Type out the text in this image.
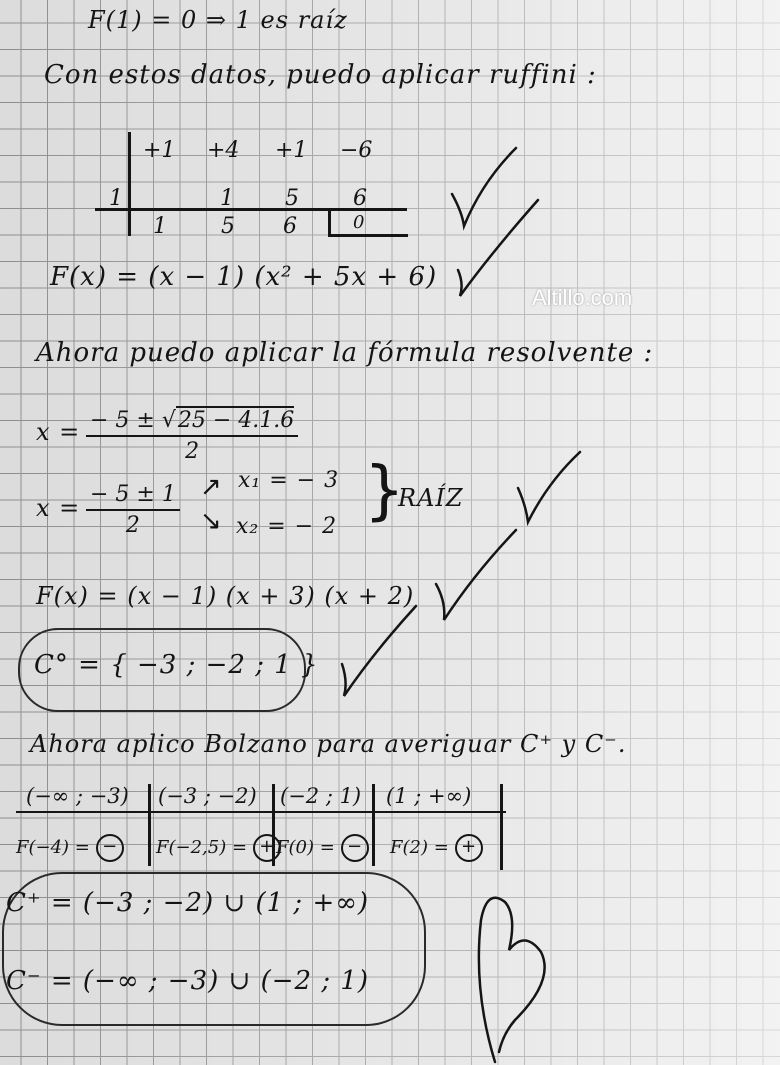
F(1) = 0 ⇒ 1 es raíz
Con estos datos, puedo aplicar ruffini :
+1 +4 +1 −6
1	1 5 6
1 5 6	0
F(x) = (x − 1) (x² + 5x + 6)
Altillo.com
Ahora puedo aplicar la fórmula resolvente :
$x = \frac{- 5 \pm √25 - 4.1.6}{2}$
$x = \frac{- 5 \pm 1}{2}$ ↗
↘
x₁ = − 3
x₂ = − 2 }
RAÍZ
F(x) = (x − 1) (x + 3) (x + 2)
C° = { −3 ; −2 ; 1 }
Ahora aplico Bolzano para averiguar C⁺ y C⁻.
(−∞ ; −3) (−3 ; −2) (−2 ; 1) (1 ; +∞)
F(−4) = −	F(−2,5) = + F(0) = −	F(2) = +
C⁺ = (−3 ; −2) ∪ (1 ; +∞)
C⁻ = (−∞ ; −3) ∪ (−2 ; 1)
